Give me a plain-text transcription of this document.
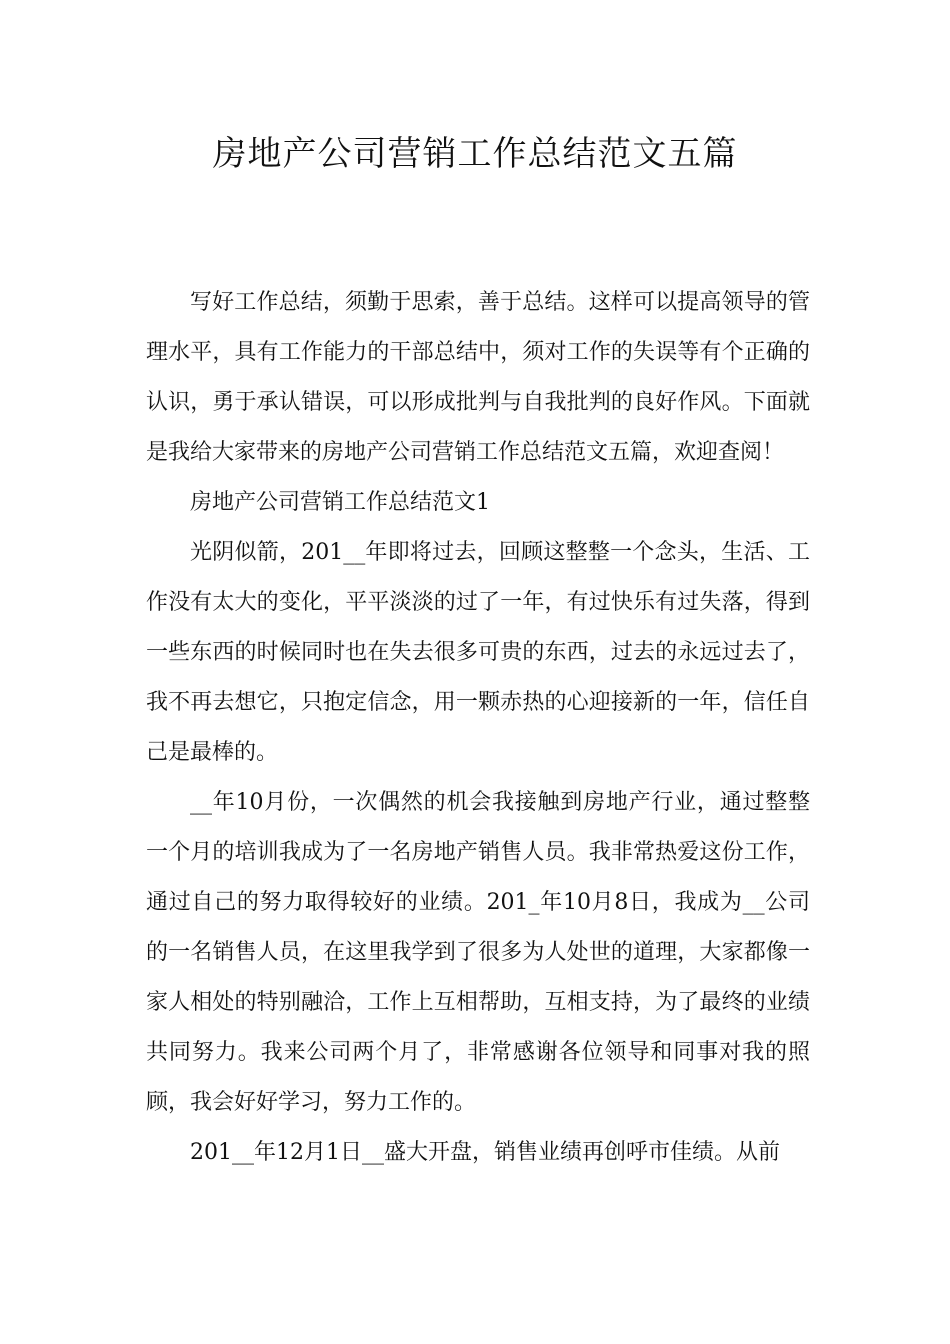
房地产公司营销工作总结范文五篇

写好工作总结，须勤于思索，善于总结。这样可以提高领导的管理水平，具有工作能力的干部总结中，须对工作的失误等有个正确的认识，勇于承认错误，可以形成批判与自我批判的良好作风。下面就是我给大家带来的房地产公司营销工作总结范文五篇，欢迎查阅！

房地产公司营销工作总结范文1

光阴似箭，201__年即将过去，回顾这整整一个念头，生活、工作没有太大的变化，平平淡淡的过了一年，有过快乐有过失落，得到一些东西的时候同时也在失去很多可贵的东西，过去的永远过去了，我不再去想它，只抱定信念，用一颗赤热的心迎接新的一年，信任自己是最棒的。

__年10月份，一次偶然的机会我接触到房地产行业，通过整整一个月的培训我成为了一名房地产销售人员。我非常热爱这份工作，通过自己的努力取得较好的业绩。201_年10月8日，我成为__公司的一名销售人员，在这里我学到了很多为人处世的道理，大家都像一家人相处的特别融洽，工作上互相帮助，互相支持，为了最终的业绩共同努力。我来公司两个月了，非常感谢各位领导和同事对我的照顾，我会好好学习，努力工作的。

201__年12月1日__盛大开盘，销售业绩再创呼市佳绩。从前
